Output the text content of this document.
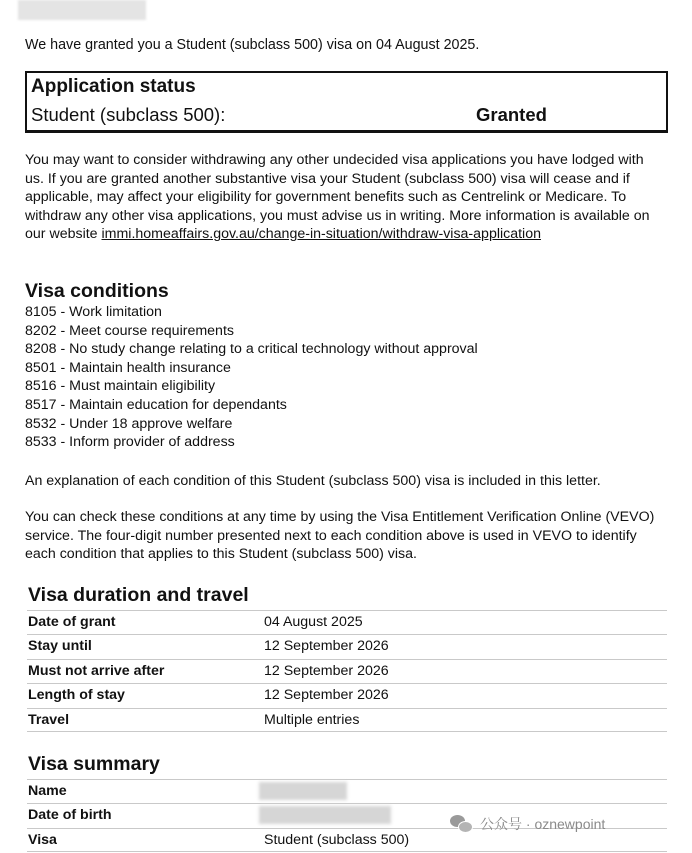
We have granted you a Student (subclass 500) visa on 04 August 2025.
Application status
Student (subclass 500):	Granted
You may want to consider withdrawing any other undecided visa applications you have lodged with us. If you are granted another substantive visa your Student (subclass 500) visa will cease and if applicable, may affect your eligibility for government benefits such as Centrelink or Medicare. To withdraw any other visa applications, you must advise us in writing. More information is available on our website immi.homeaffairs.gov.au/change-in-situation/withdraw-visa-application
Visa conditions
8105 - Work limitation
8202 - Meet course requirements
8208 - No study change relating to a critical technology without approval
8501 - Maintain health insurance
8516 - Must maintain eligibility
8517 - Maintain education for dependants
8532 - Under 18 approve welfare
8533 - Inform provider of address
An explanation of each condition of this Student (subclass 500) visa is included in this letter.
You can check these conditions at any time by using the Visa Entitlement Verification Online (VEVO) service. The four-digit number presented next to each condition above is used in VEVO to identify each condition that applies to this Student (subclass 500) visa.
Visa duration and travel
Date of grant	04 August 2025
Stay until	12 September 2026
Must not arrive after	12 September 2026
Length of stay	12 September 2026
Travel	Multiple entries
Visa summary
Name
Date of birth
Visa	Student (subclass 500)
公众号 · oznewpoint
